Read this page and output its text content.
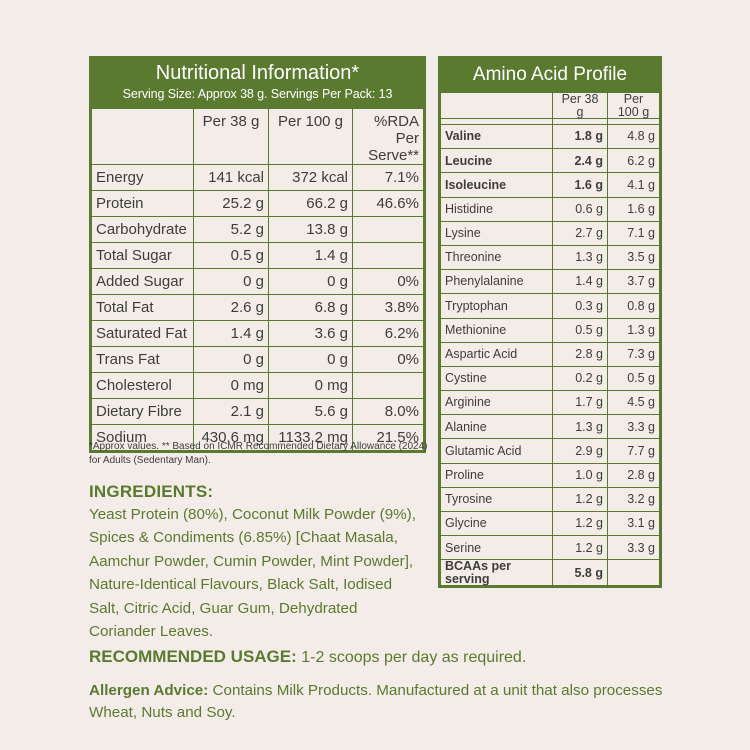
Nutritional Information*
Serving Size: Approx 38 g. Servings Per Pack: 13
	Per 38 g	Per 100 g	%RDA Per Serve**
Energy	141 kcal	372 kcal	7.1%
Protein	25.2 g	66.2 g	46.6%
Carbohydrate	5.2 g	13.8 g	
Total Sugar	0.5 g	1.4 g	
Added Sugar	0 g	0 g	0%
Total Fat	2.6 g	6.8 g	3.8%
Saturated Fat	1.4 g	3.6 g	6.2%
Trans Fat	0 g	0 g	0%
Cholesterol	0 mg	0 mg	
Dietary Fibre	2.1 g	5.6 g	8.0%
Sodium	430.6 mg	1133.2 mg	21.5%
*Approx values. ** Based on ICMR Recommended Dietary Allowance (2024) for Adults (Sedentary Man).
Amino Acid Profile
	Per 38 g	Per 100 g

Valine	1.8 g	4.8 g
Leucine	2.4 g	6.2 g
Isoleucine	1.6 g	4.1 g
Histidine	0.6 g	1.6 g
Lysine	2.7 g	7.1 g
Threonine	1.3 g	3.5 g
Phenylalanine	1.4 g	3.7 g
Tryptophan	0.3 g	0.8 g
Methionine	0.5 g	1.3 g
Aspartic Acid	2.8 g	7.3 g
Cystine	0.2 g	0.5 g
Arginine	1.7 g	4.5 g
Alanine	1.3 g	3.3 g
Glutamic Acid	2.9 g	7.7 g
Proline	1.0 g	2.8 g
Tyrosine	1.2 g	3.2 g
Glycine	1.2 g	3.1 g
Serine	1.2 g	3.3 g
BCAAs per serving	5.8 g	
INGREDIENTS:
Yeast Protein (80%), Coconut Milk Powder (9%), Spices & Condiments (6.85%) [Chaat Masala, Aamchur Powder, Cumin Powder, Mint Powder], Nature-Identical Flavours, Black Salt, Iodised Salt, Citric Acid, Guar Gum, Dehydrated Coriander Leaves.
RECOMMENDED USAGE: 1-2 scoops per day as required.
Allergen Advice: Contains Milk Products. Manufactured at a unit that also processes Wheat, Nuts and Soy.
